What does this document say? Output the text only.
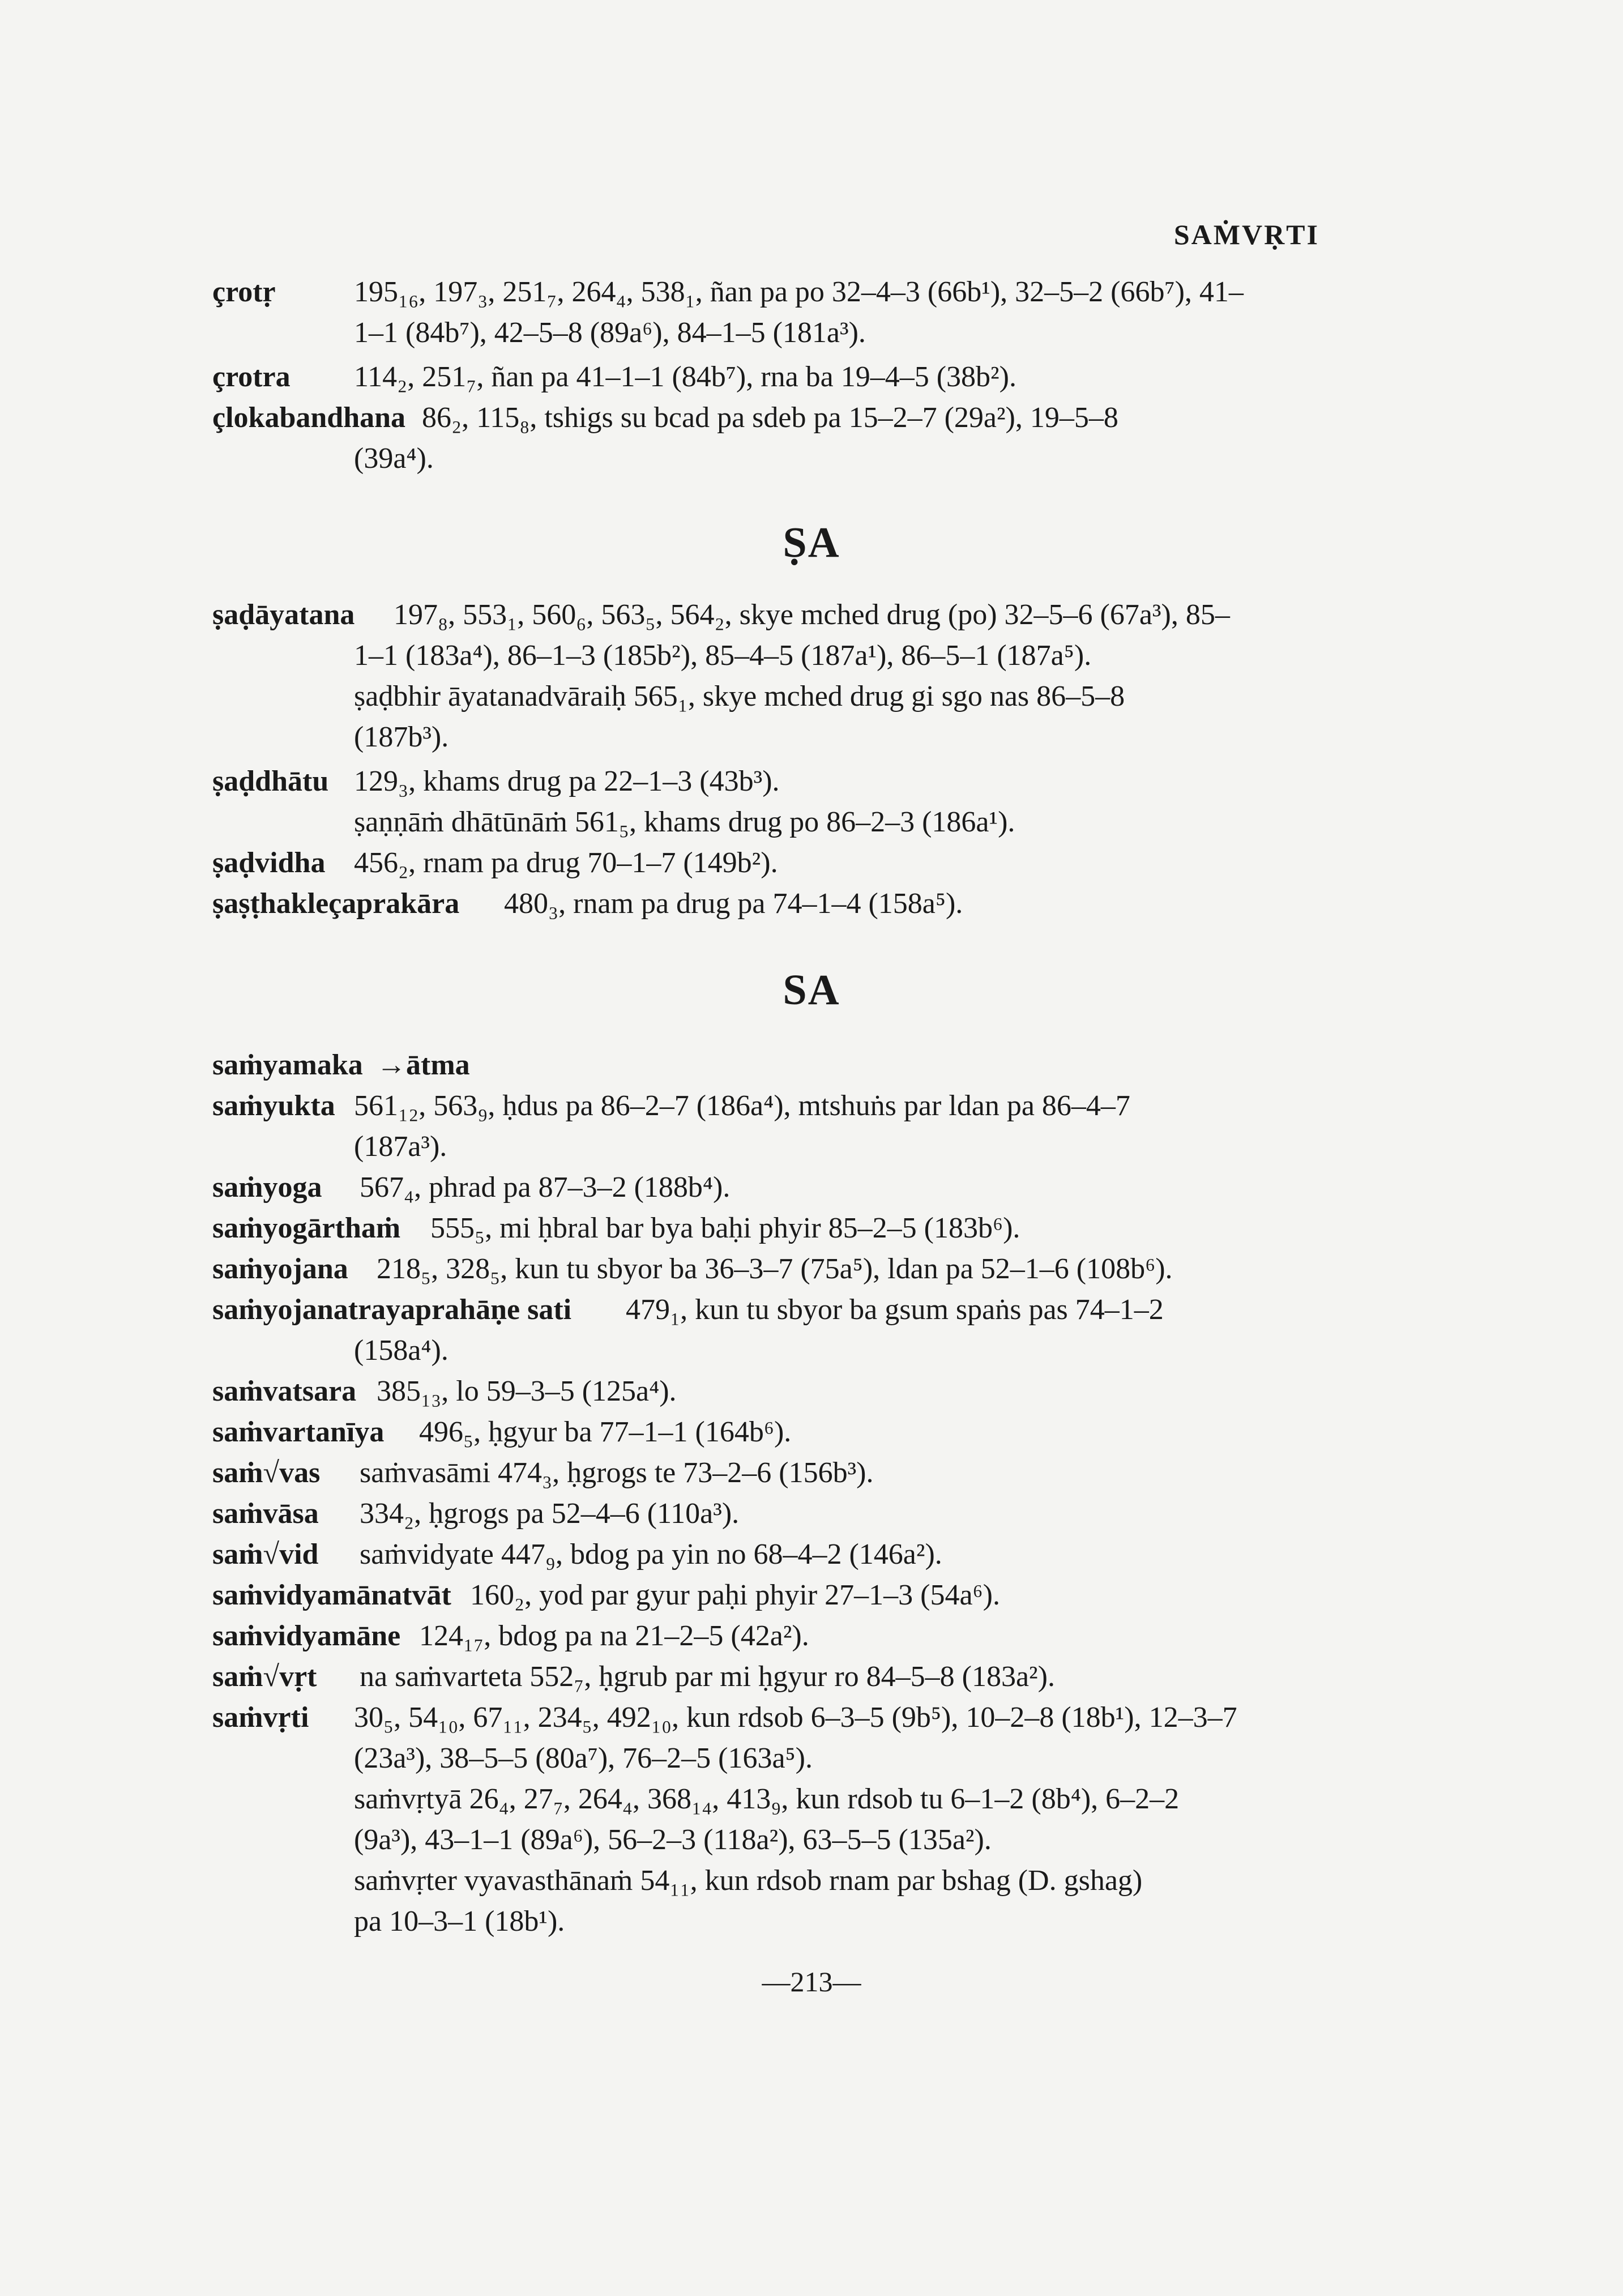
SAṀVṚTI
çrotṛ	195₁₆, 197₃, 251₇, 264₄, 538₁, ñan pa po 32–4–3 (66b¹), 32–5–2 (66b⁷), 41–
1–1 (84b⁷), 42–5–8 (89a⁶), 84–1–5 (181a³).
çrotra 114₂, 251₇, ñan pa 41–1–1 (84b⁷), rna ba 19–4–5 (38b²).
çlokabandhana 86₂, 115₈, tshigs su bcad pa sdeb pa 15–2–7 (29a²), 19–5–8
(39a⁴).
ṢA
ṣaḍāyatana 197₈, 553₁, 560₆, 563₅, 564₂, skye mched drug (po) 32–5–6 (67a³), 85–
1–1 (183a⁴), 86–1–3 (185b²), 85–4–5 (187a¹), 86–5–1 (187a⁵).
ṣaḍbhir āyatanadvāraiḥ 565₁, skye mched drug gi sgo nas 86–5–8
(187b³).
ṣaḍdhātu 129₃, khams drug pa 22–1–3 (43b³).
ṣaṇṇāṁ dhātūnāṁ 561₅, khams drug po 86–2–3 (186a¹).
ṣaḍvidha 456₂, rnam pa drug 70–1–7 (149b²).
ṣaṣṭhakleçaprakāra 480₃, rnam pa drug pa 74–1–4 (158a⁵).
SA
saṁyamaka →ātma
saṁyukta 561₁₂, 563₉, ḥdus pa 86–2–7 (186a⁴), mtshuṅs par ldan pa 86–4–7
(187a³).
saṁyoga 567₄, phrad pa 87–3–2 (188b⁴).
saṁyogārthaṁ 555₅, mi ḥbral bar bya baḥi phyir 85–2–5 (183b⁶).
saṁyojana 218₅, 328₅, kun tu sbyor ba 36–3–7 (75a⁵), ldan pa 52–1–6 (108b⁶).
saṁyojanatrayaprahāṇe sati 479₁, kun tu sbyor ba gsum spaṅs pas 74–1–2
(158a⁴).
saṁvatsara 385₁₃, lo 59–3–5 (125a⁴).
saṁvartanīya 496₅, ḥgyur ba 77–1–1 (164b⁶).
saṁ√vas saṁvasāmi 474₃, ḥgrogs te 73–2–6 (156b³).
saṁvāsa 334₂, ḥgrogs pa 52–4–6 (110a³).
saṁ√vid saṁvidyate 447₉, bdog pa yin no 68–4–2 (146a²).
saṁvidyamānatvāt 160₂, yod par gyur paḥi phyir 27–1–3 (54a⁶).
saṁvidyamāne 124₁₇, bdog pa na 21–2–5 (42a²).
saṁ√vṛt na saṁvarteta 552₇, ḥgrub par mi ḥgyur ro 84–5–8 (183a²).
saṁvṛti 30₅, 54₁₀, 67₁₁, 234₅, 492₁₀, kun rdsob 6–3–5 (9b⁵), 10–2–8 (18b¹), 12–3–7
(23a³), 38–5–5 (80a⁷), 76–2–5 (163a⁵).
saṁvṛtyā 26₄, 27₇, 264₄, 368₁₄, 413₉, kun rdsob tu 6–1–2 (8b⁴), 6–2–2
(9a³), 43–1–1 (89a⁶), 56–2–3 (118a²), 63–5–5 (135a²).
saṁvṛter vyavasthānaṁ 54₁₁, kun rdsob rnam par bshag (D. gshag)
pa 10–3–1 (18b¹).
—213—
